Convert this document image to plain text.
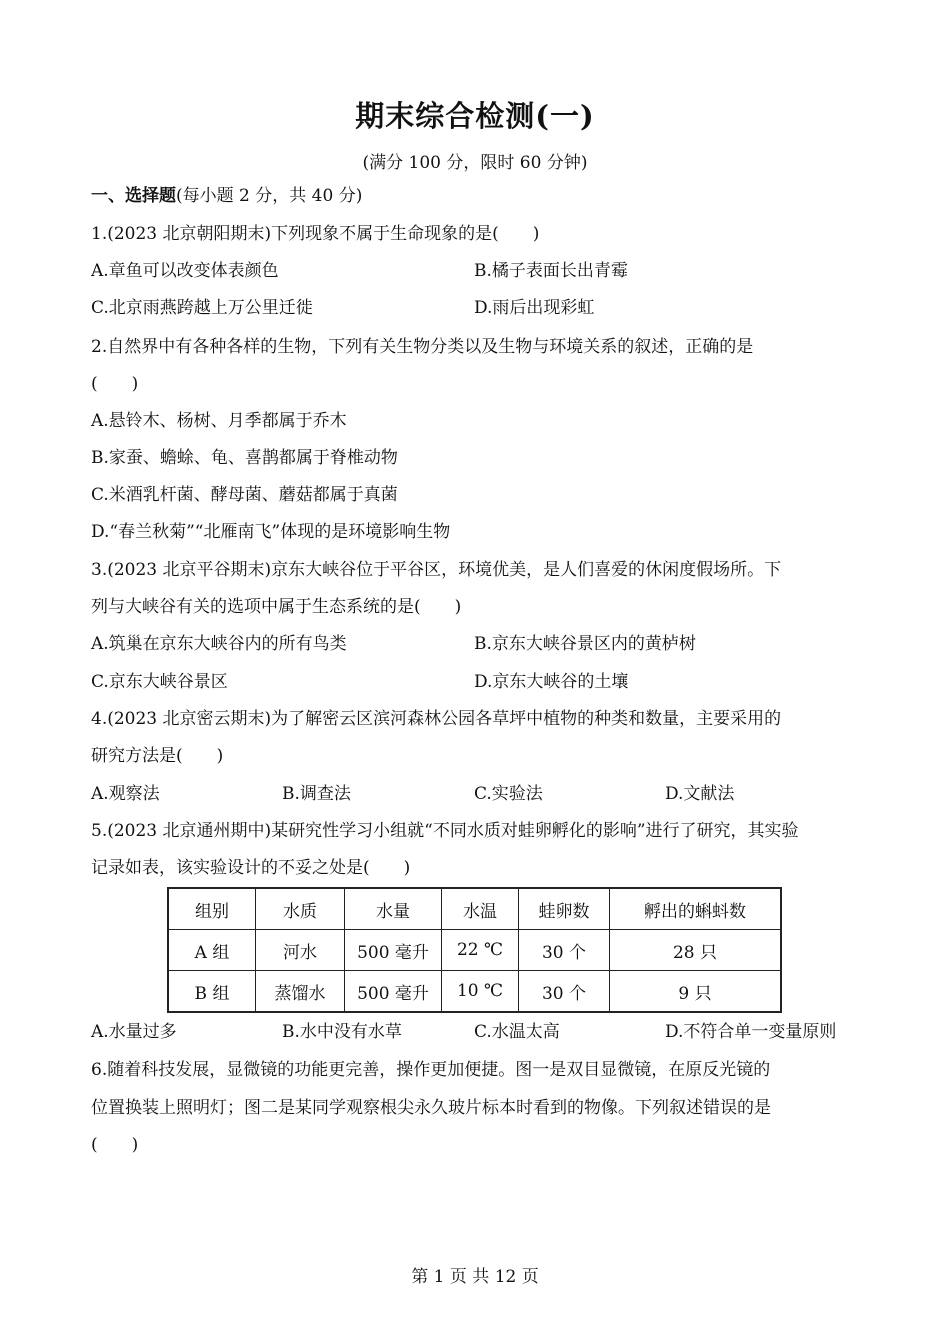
期末综合检测(一)
(满分 100 分，限时 60 分钟)
一、选择题(每小题 2 分，共 40 分)
1.(2023 北京朝阳期末)下列现象不属于生命现象的是(　　)
A.章鱼可以改变体表颜色	B.橘子表面长出青霉
C.北京雨燕跨越上万公里迁徙	D.雨后出现彩虹
2.自然界中有各种各样的生物，下列有关生物分类以及生物与环境关系的叙述，正确的是
(　　)
A.悬铃木、杨树、月季都属于乔木
B.家蚕、蟾蜍、龟、喜鹊都属于脊椎动物
C.米酒乳杆菌、酵母菌、蘑菇都属于真菌
D.“春兰秋菊”“北雁南飞”体现的是环境影响生物
3.(2023 北京平谷期末)京东大峡谷位于平谷区，环境优美，是人们喜爱的休闲度假场所。下
列与大峡谷有关的选项中属于生态系统的是(　　)
A.筑巢在京东大峡谷内的所有鸟类	B.京东大峡谷景区内的黄栌树
C.京东大峡谷景区	D.京东大峡谷的土壤
4.(2023 北京密云期末)为了解密云区滨河森林公园各草坪中植物的种类和数量，主要采用的
研究方法是(　　)
A.观察法	B.调查法	C.实验法	D.文献法
5.(2023 北京通州期中)某研究性学习小组就“不同水质对蛙卵孵化的影响”进行了研究，其实验
记录如表，该实验设计的不妥之处是(　　)
组别	水质	水量	水温	蛙卵数	孵出的蝌蚪数
A 组	河水	500 毫升	22 ℃	30 个	28 只
B 组	蒸馏水	500 毫升	10 ℃	30 个	9 只
A.水量过多	B.水中没有水草	C.水温太高	D.不符合单一变量原则
6.随着科技发展，显微镜的功能更完善，操作更加便捷。图一是双目显微镜，在原反光镜的
位置换装上照明灯；图二是某同学观察根尖永久玻片标本时看到的物像。下列叙述错误的是
(　　)
第 1 页 共 12 页
